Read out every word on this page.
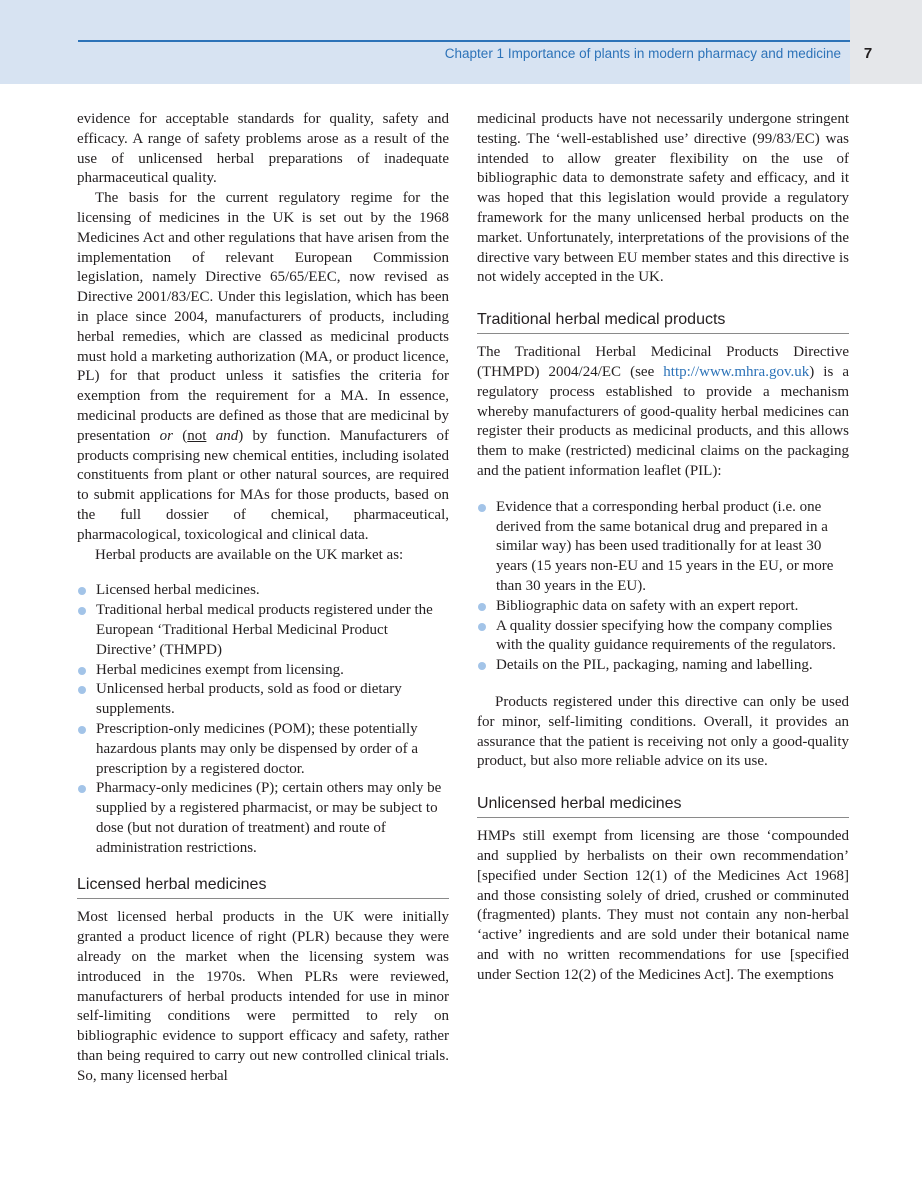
Chapter 1 Importance of plants in modern pharmacy and medicine	7

evidence for acceptable standards for quality, safety and efficacy. A range of safety problems arose as a result of the use of unlicensed herbal preparations of inadequate pharmaceutical quality.

The basis for the current regulatory regime for the licensing of medicines in the UK is set out by the 1968 Medicines Act and other regulations that have arisen from the implementation of relevant European Commission legislation, namely Directive 65/65/EEC, now revised as Directive 2001/83/EC. Under this legislation, which has been in place since 2004, manufacturers of products, including herbal remedies, which are classed as medicinal products must hold a marketing authorization (MA, or product licence, PL) for that product unless it satisfies the criteria for exemption from the requirement for a MA. In essence, medicinal products are defined as those that are medicinal by presentation or (not and) by function. Manufacturers of products comprising new chemical entities, including isolated constituents from plant or other natural sources, are required to submit applications for MAs for those products, based on the full dossier of chemical, pharmaceutical, pharmacological, toxicological and clinical data.

Herbal products are available on the UK market as:

Licensed herbal medicines.
Traditional herbal medical products registered under the European ‘Traditional Herbal Medicinal Product Directive’ (THMPD)
Herbal medicines exempt from licensing.
Unlicensed herbal products, sold as food or dietary supplements.
Prescription-only medicines (POM); these potentially hazardous plants may only be dispensed by order of a prescription by a registered doctor.
Pharmacy-only medicines (P); certain others may only be supplied by a registered pharmacist, or may be subject to dose (but not duration of treatment) and route of administration restrictions.
Licensed herbal medicines

Most licensed herbal products in the UK were initially granted a product licence of right (PLR) because they were already on the market when the licensing system was introduced in the 1970s. When PLRs were reviewed, manufacturers of herbal products intended for use in minor self-limiting conditions were permitted to rely on bibliographic evidence to support efficacy and safety, rather than being required to carry out new controlled clinical trials. So, many licensed herbal

medicinal products have not necessarily undergone stringent testing. The ‘well-established use’ directive (99/83/EC) was intended to allow greater flexibility on the use of bibliographic data to demonstrate safety and efficacy, and it was hoped that this legislation would provide a regulatory framework for the many unlicensed herbal products on the market. Unfortunately, interpretations of the provisions of the directive vary between EU member states and this directive is not widely accepted in the UK.

Traditional herbal medical products

The Traditional Herbal Medicinal Products Directive (THMPD) 2004/24/EC (see http://www.mhra.gov.uk) is a regulatory process established to provide a mechanism whereby manufacturers of good-quality herbal medicines can register their products as medicinal products, and this allows them to make (restricted) medicinal claims on the packaging and the patient information leaflet (PIL):

Evidence that a corresponding herbal product (i.e. one derived from the same botanical drug and prepared in a similar way) has been used traditionally for at least 30 years (15 years non-EU and 15 years in the EU, or more than 30 years in the EU).
Bibliographic data on safety with an expert report.
A quality dossier specifying how the company complies with the quality guidance requirements of the regulators.
Details on the PIL, packaging, naming and labelling.

Products registered under this directive can only be used for minor, self-limiting conditions. Overall, it provides an assurance that the patient is receiving not only a good-quality product, but also more reliable advice on its use.

Unlicensed herbal medicines

HMPs still exempt from licensing are those ‘compounded and supplied by herbalists on their own recommendation’ [specified under Section 12(1) of the Medicines Act 1968] and those consisting solely of dried, crushed or comminuted (fragmented) plants. They must not contain any non-herbal ‘active’ ingredients and are sold under their botanical name and with no written recommendations for use [specified under Section 12(2) of the Medicines Act]. The exemptions
